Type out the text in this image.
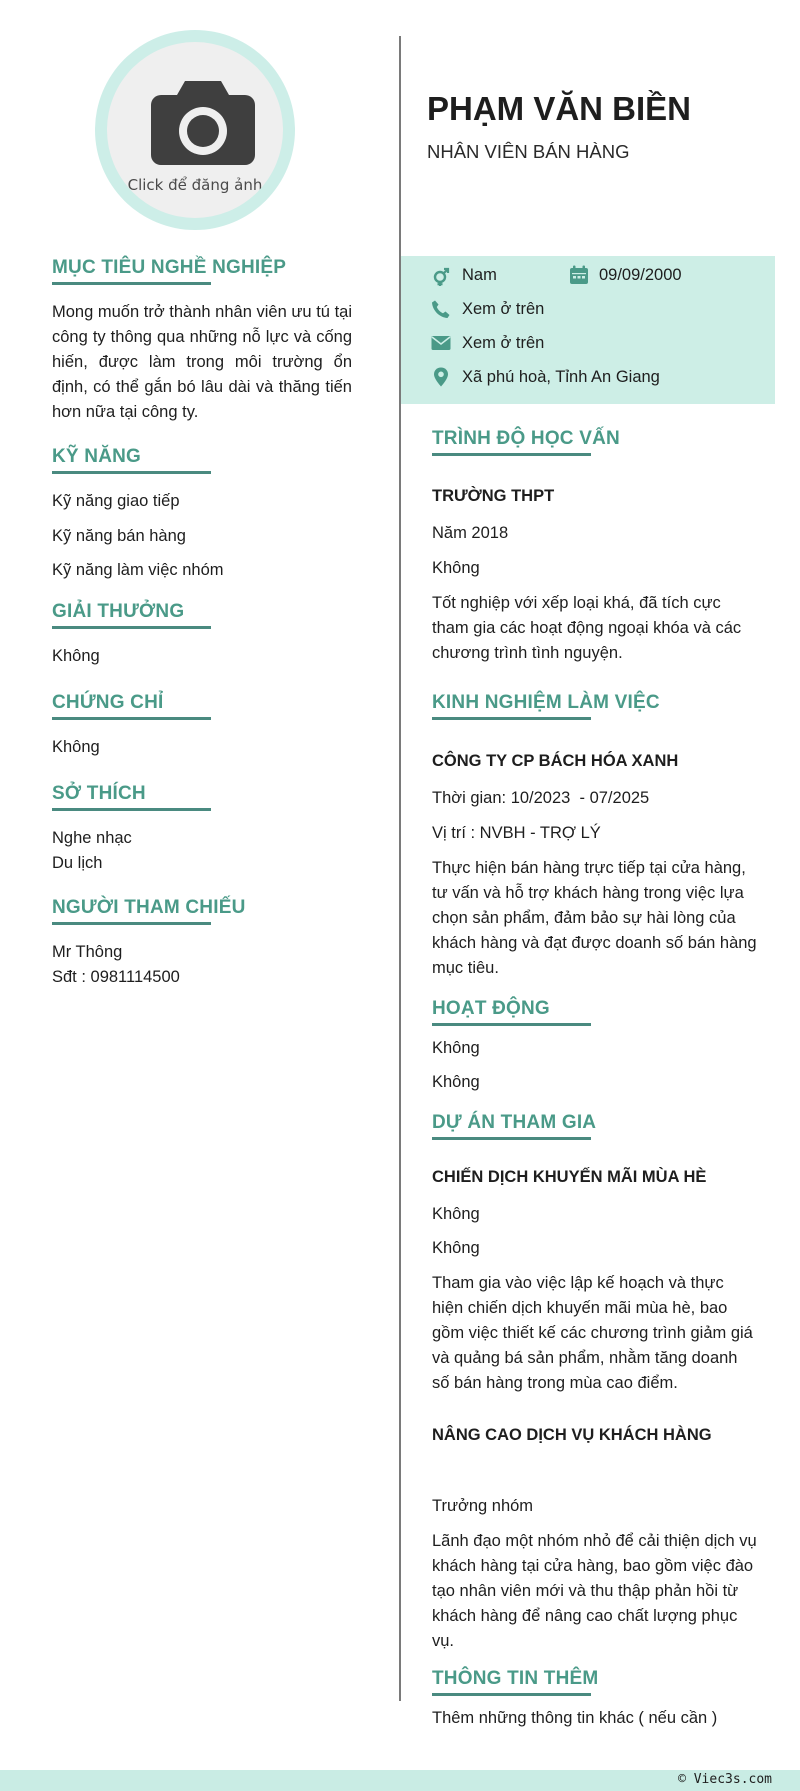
Click để đăng ảnh
PHẠM VĂN BIỀN
NHÂN VIÊN BÁN HÀNG
Nam	09/09/2000
Xem ở trên
Xem ở trên
Xã phú hoà, Tỉnh An Giang
MỤC TIÊU NGHỀ NGHIỆP
Mong muốn trở thành nhân viên ưu tú tại công ty thông qua những nỗ lực và cống hiến, được làm trong môi trường ổn định, có thể gắn bó lâu dài và thăng tiến hơn nữa tại công ty.
KỸ NĂNG
Kỹ năng giao tiếp
Kỹ năng bán hàng
Kỹ năng làm việc nhóm
GIẢI THƯỞNG
Không
CHỨNG CHỈ
Không
SỞ THÍCH
Nghe nhạc
Du lịch
NGƯỜI THAM CHIẾU
Mr Thông
Sđt : 0981114500
TRÌNH ĐỘ HỌC VẤN
TRƯỜNG THPT
Năm 2018
Không
Tốt nghiệp với xếp loại khá, đã tích cực tham gia các hoạt động ngoại khóa và các chương trình tình nguyện.
KINH NGHIỆM LÀM VIỆC
CÔNG TY CP BÁCH HÓA XANH
Thời gian: 10/2023  - 07/2025
Vị trí : NVBH - TRỢ LÝ
Thực hiện bán hàng trực tiếp tại cửa hàng, tư vấn và hỗ trợ khách hàng trong việc lựa chọn sản phẩm, đảm bảo sự hài lòng của khách hàng và đạt được doanh số bán hàng mục tiêu.
HOẠT ĐỘNG
Không
Không
DỰ ÁN THAM GIA
CHIẾN DỊCH KHUYẾN MÃI MÙA HÈ
Không
Không
Tham gia vào việc lập kế hoạch và thực hiện chiến dịch khuyến mãi mùa hè, bao gồm việc thiết kế các chương trình giảm giá và quảng bá sản phẩm, nhằm tăng doanh số bán hàng trong mùa cao điểm.
NÂNG CAO DỊCH VỤ KHÁCH HÀNG
Trưởng nhóm
Lãnh đạo một nhóm nhỏ để cải thiện dịch vụ khách hàng tại cửa hàng, bao gồm việc đào tạo nhân viên mới và thu thập phản hồi từ khách hàng để nâng cao chất lượng phục vụ.
THÔNG TIN THÊM
Thêm những thông tin khác ( nếu cần )
© Viec3s.com
